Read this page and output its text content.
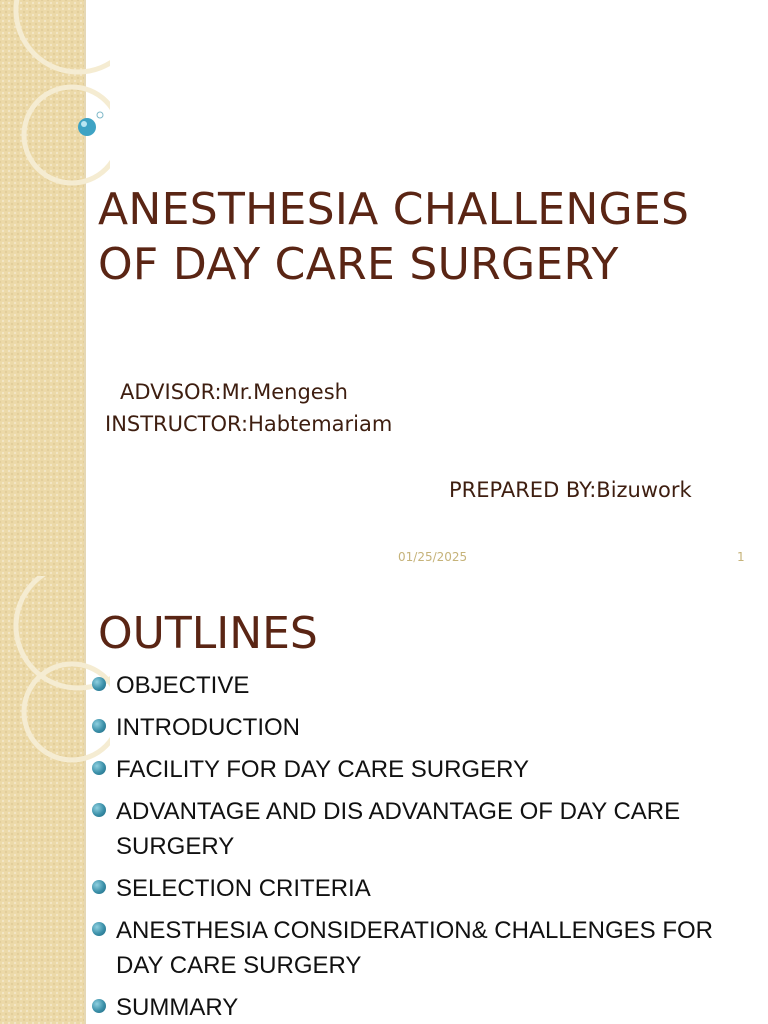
ANESTHESIA CHALLENGES OF DAY CARE SURGERY

ADVISOR:Mr.Mengesh

INSTRUCTOR:Habtemariam

PREPARED BY:Bizuwork

01/25/2025	1
OUTLINES
OBJECTIVE
INTRODUCTION
FACILITY FOR DAY CARE SURGERY
ADVANTAGE AND DIS ADVANTAGE OF DAY CARE SURGERY
SELECTION CRITERIA
ANESTHESIA CONSIDERATION& CHALLENGES FOR DAY CARE SURGERY
SUMMARY
